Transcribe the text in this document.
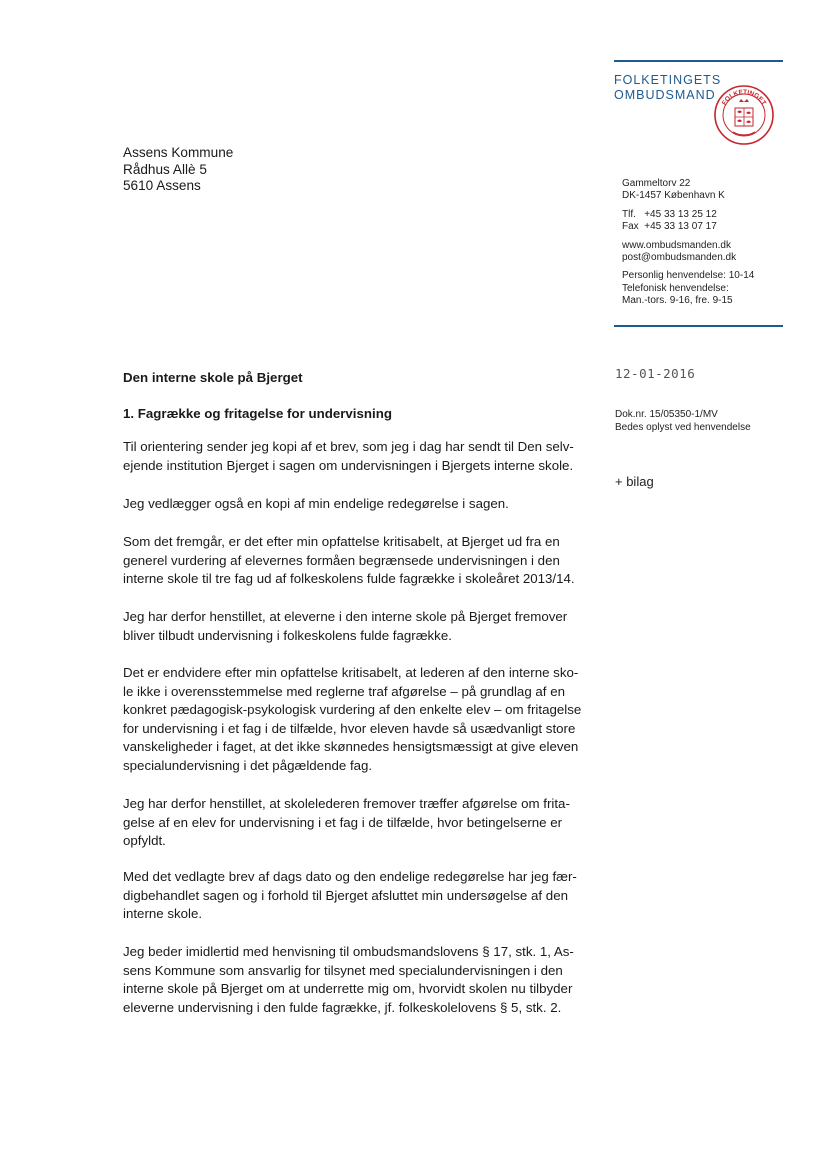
FOLKETINGETS
OMBUDSMAND
FOLKETINGET
Assens Kommune
Rådhus Allè 5
5610 Assens	Gammeltorv 22
DK-1457 København K
Tlf.   +45 33 13 25 12
Fax  +45 33 13 07 17
www.ombudsmanden.dk
post@ombudsmanden.dk
Personlig henvendelse: 10-14
Telefonisk henvendelse:
Man.-tors. 9-16, fre. 9-15
12-01-2016
Dok.nr. 15/05350-1/MV
Bedes oplyst ved henvendelse
+ bilag
Den interne skole på Bjerget
1. Fagrække og fritagelse for undervisning
Til orientering sender jeg kopi af et brev, som jeg i dag har sendt til Den selv-
ejende institution Bjerget i sagen om undervisningen i Bjergets interne skole.
Jeg vedlægger også en kopi af min endelige redegørelse i sagen.
Som det fremgår, er det efter min opfattelse kritisabelt, at Bjerget ud fra en
generel vurdering af elevernes formåen begrænsede undervisningen i den
interne skole til tre fag ud af folkeskolens fulde fagrække i skoleåret 2013/14.
Jeg har derfor henstillet, at eleverne i den interne skole på Bjerget fremover
bliver tilbudt undervisning i folkeskolens fulde fagrække.
Det er endvidere efter min opfattelse kritisabelt, at lederen af den interne sko-
le ikke i overensstemmelse med reglerne traf afgørelse – på grundlag af en
konkret pædagogisk-psykologisk vurdering af den enkelte elev – om fritagelse
for undervisning i et fag i de tilfælde, hvor eleven havde så usædvanligt store
vanskeligheder i faget, at det ikke skønnedes hensigtsmæssigt at give eleven
specialundervisning i det pågældende fag.
Jeg har derfor henstillet, at skolelederen fremover træffer afgørelse om frita-
gelse af en elev for undervisning i et fag i de tilfælde, hvor betingelserne er
opfyldt.
Med det vedlagte brev af dags dato og den endelige redegørelse har jeg fær-
digbehandlet sagen og i forhold til Bjerget afsluttet min undersøgelse af den
interne skole.
Jeg beder imidlertid med henvisning til ombudsmandslovens § 17, stk. 1, As-
sens Kommune som ansvarlig for tilsynet med specialundervisningen i den
interne skole på Bjerget om at underrette mig om, hvorvidt skolen nu tilbyder
eleverne undervisning i den fulde fagrække, jf. folkeskolelovens § 5, stk. 2.
